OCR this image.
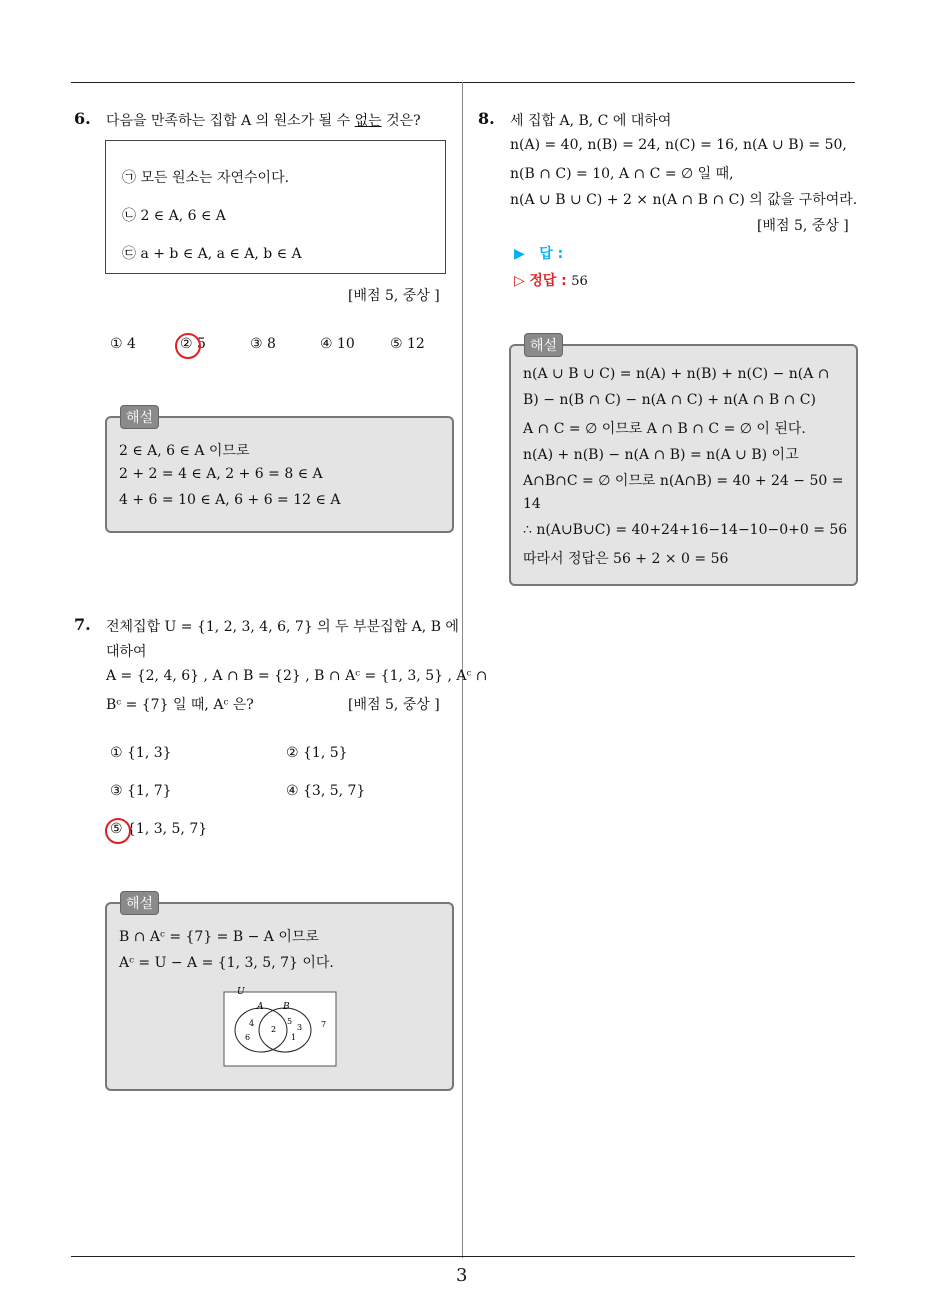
3
6. 다음을 만족하는 집합 A 의 원소가 될 수 없는 것은?
㉠ 모든 원소는 자연수이다.
㉡ 2 ∈ A, 6 ∈ A
㉢ a + b ∈ A, a ∈ A, b ∈ A
[배점 5, 중상 ]
① 4	② 5	③ 8	④ 10	⑤ 12
2 ∈ A, 6 ∈ A 이므로
2 + 2 = 4 ∈ A, 2 + 6 = 8 ∈ A
4 + 6 = 10 ∈ A, 6 + 6 = 12 ∈ A
해설
7. 전체집합 U = {1, 2, 3, 4, 6, 7} 의 두 부분집합 A, B 에
대하여
A = {2, 4, 6} , A ∩ B = {2} , B ∩ Aᶜ = {1, 3, 5} , Aᶜ ∩
Bᶜ = {7} 일 때, Aᶜ 은?	[배점 5, 중상 ]
① {1, 3}	② {1, 5}
③ {1, 7}	④ {3, 5, 7}
⑤ {1, 3, 5, 7}
B ∩ Aᶜ = {7} = B − A 이므로
Aᶜ = U − A = {1, 3, 5, 7} 이다.
U
A B
4
6
2
5
3
1
7
해설
8. 세 집합 A, B, C 에 대하여
n(A) = 40, n(B) = 24, n(C) = 16, n(A ∪ B) = 50,
n(B ∩ C) = 10, A ∩ C = ∅ 일 때,
n(A ∪ B ∪ C) + 2 × n(A ∩ B ∩ C) 의 값을 구하여라.
[배점 5, 중상 ]
▶ 답 :
▷ 정답 : 56
n(A ∪ B ∪ C) = n(A) + n(B) + n(C) − n(A ∩
B) − n(B ∩ C) − n(A ∩ C) + n(A ∩ B ∩ C)
A ∩ C = ∅ 이므로 A ∩ B ∩ C = ∅ 이 된다.
n(A) + n(B) − n(A ∩ B) = n(A ∪ B) 이고
A∩B∩C = ∅ 이므로 n(A∩B) = 40 + 24 − 50 =
14
∴ n(A∪B∪C) = 40+24+16−14−10−0+0 = 56
따라서 정답은 56 + 2 × 0 = 56
해설
